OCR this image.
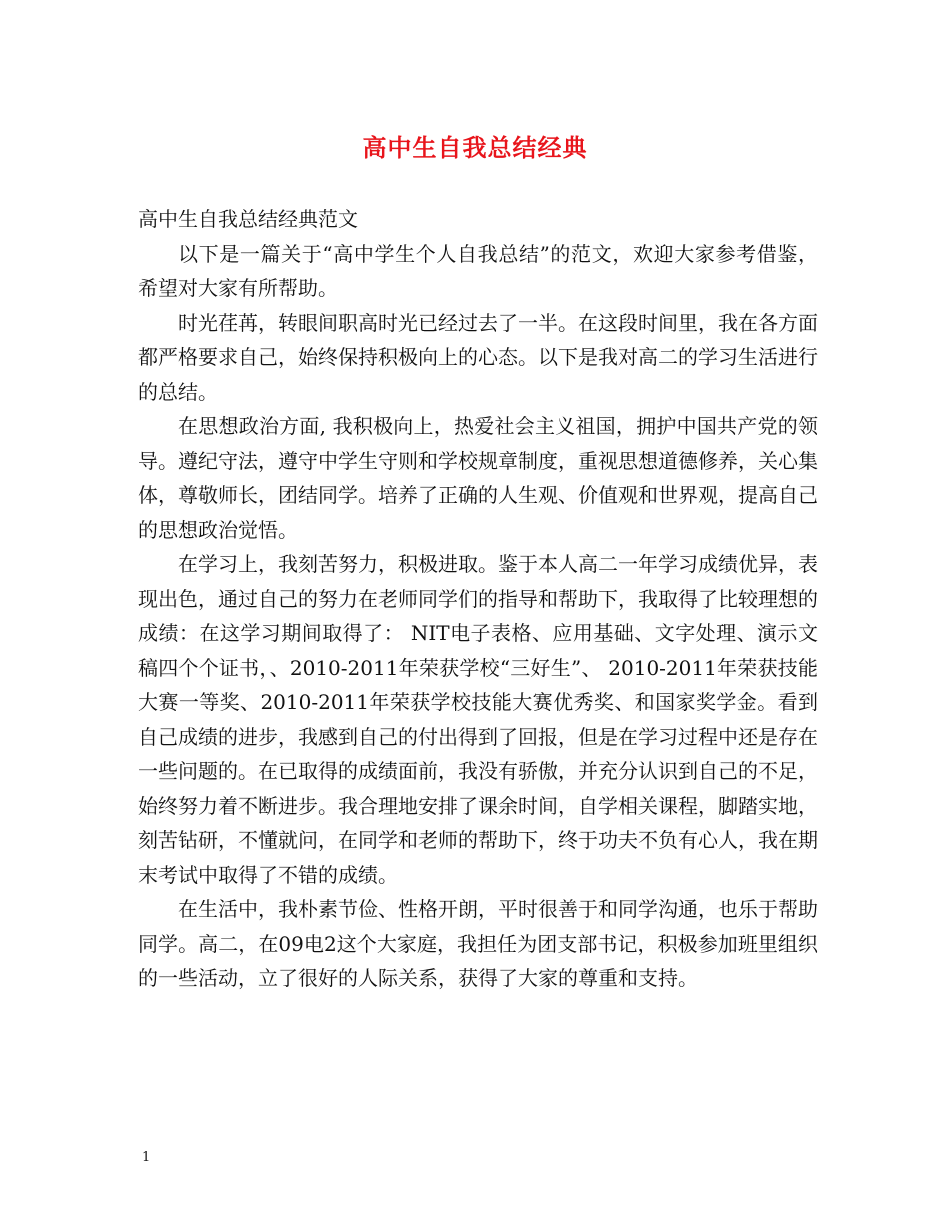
高中生自我总结经典

高中生自我总结经典范文

以下是一篇关于“高中学生个人自我总结”的范文，欢迎大家参考借鉴，希望对大家有所帮助。

时光荏苒，转眼间职高时光已经过去了一半。在这段时间里，我在各方面都严格要求自己，始终保持积极向上的心态。以下是我对高二的学习生活进行的总结。

在思想政治方面, 我积极向上，热爱社会主义祖国，拥护中国共产党的领导。遵纪守法，遵守中学生守则和学校规章制度，重视思想道德修养，关心集体，尊敬师长，团结同学。培养了正确的人生观、价值观和世界观，提高自己的思想政治觉悟。

在学习上，我刻苦努力，积极进取。鉴于本人高二一年学习成绩优异，表现出色，通过自己的努力在老师同学们的指导和帮助下，我取得了比较理想的成绩：在这学习期间取得了： NIT电子表格、应用基础、文字处理、演示文稿四个个证书，、2010-2011年荣获学校“三好生”、 2010-2011年荣获技能大赛一等奖、2010-2011年荣获学校技能大赛优秀奖、和国家奖学金。看到自己成绩的进步，我感到自己的付出得到了回报，但是在学习过程中还是存在一些问题的。在已取得的成绩面前，我没有骄傲，并充分认识到自己的不足，始终努力着不断进步。我合理地安排了课余时间，自学相关课程，脚踏实地，刻苦钻研，不懂就问，在同学和老师的帮助下，终于功夫不负有心人，我在期末考试中取得了不错的成绩。

在生活中，我朴素节俭、性格开朗，平时很善于和同学沟通，也乐于帮助同学。高二，在09电2这个大家庭，我担任为团支部书记，积极参加班里组织的一些活动，立了很好的人际关系，获得了大家的尊重和支持。

1
